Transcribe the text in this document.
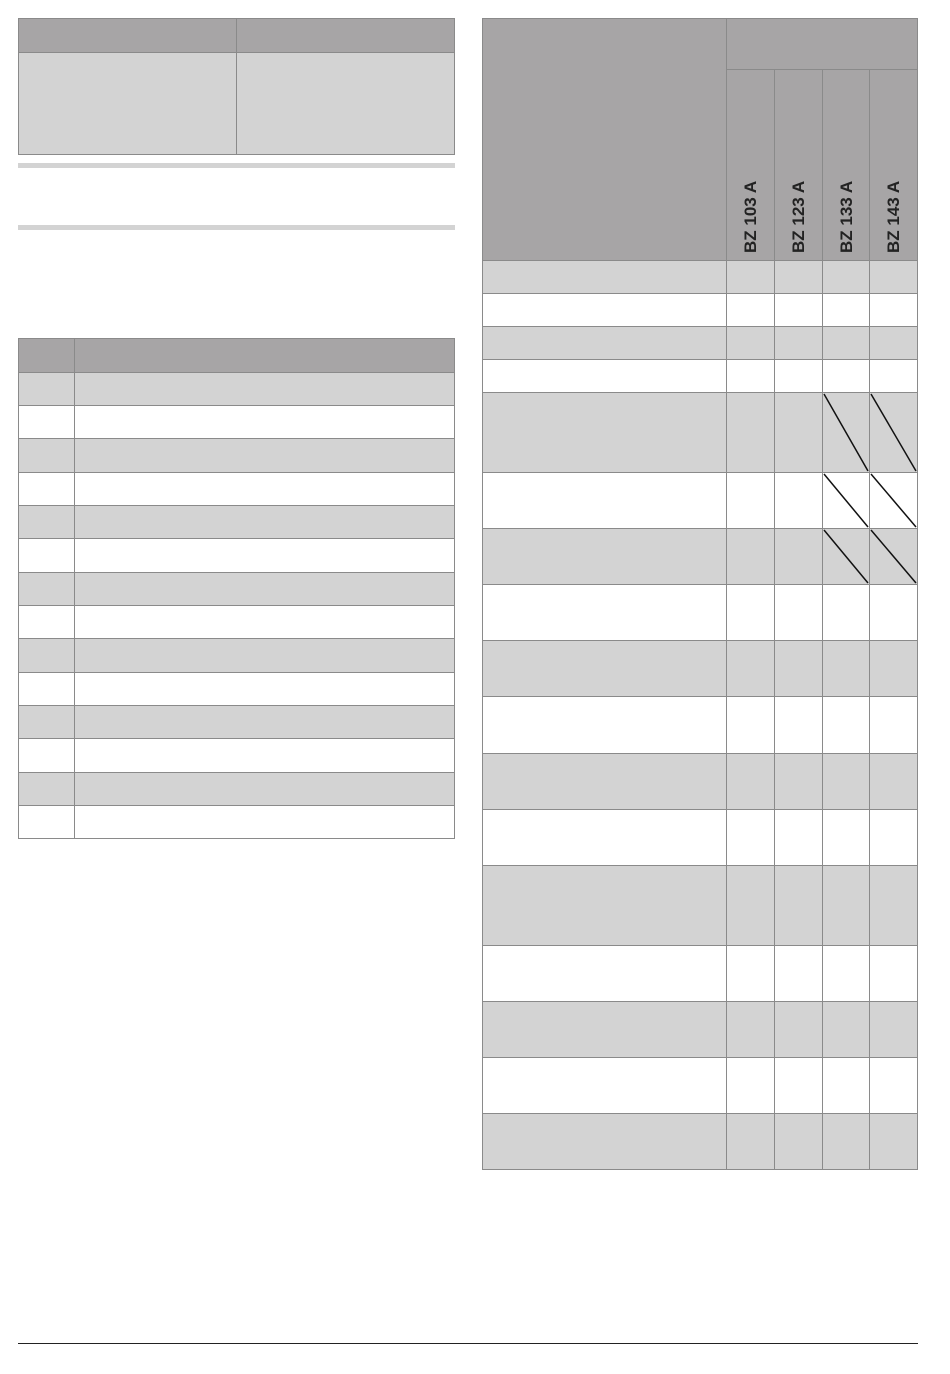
BZ 103 A BZ 123 A BZ 133 A BZ 143 A
